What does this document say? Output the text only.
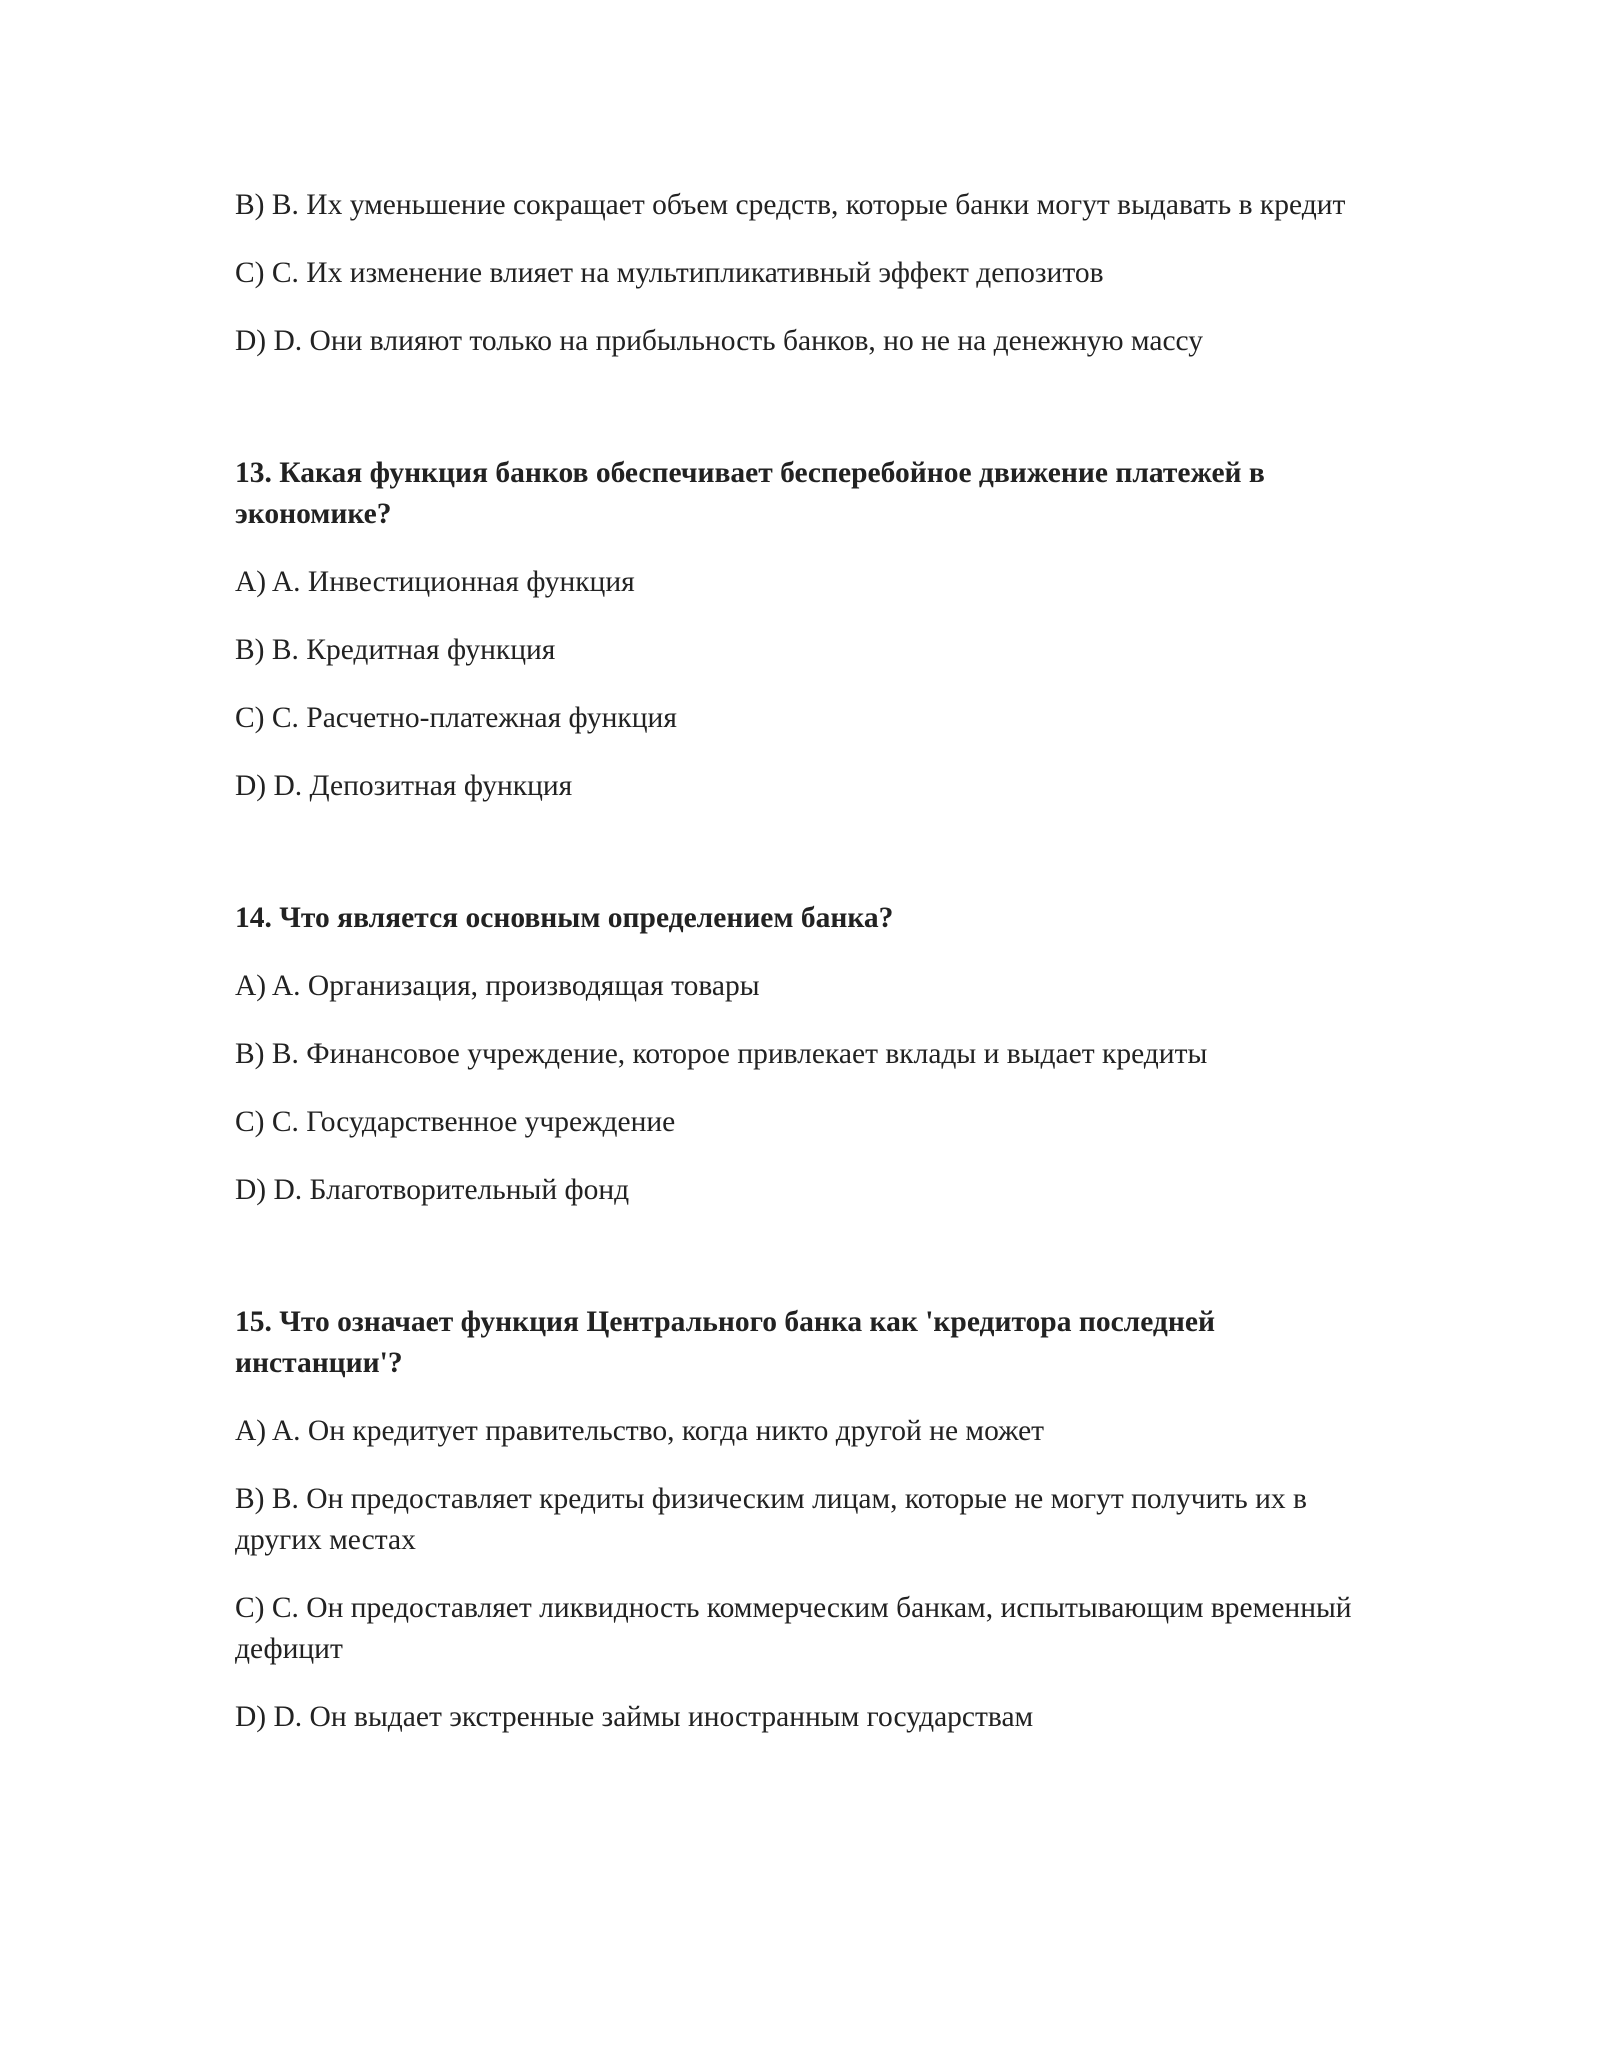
B) B. Их уменьшение сокращает объем средств, которые банки могут выдавать в кредит
C) C. Их изменение влияет на мультипликативный эффект депозитов
D) D. Они влияют только на прибыльность банков, но не на денежную массу
13. Какая функция банков обеспечивает бесперебойное движение платежей в экономике?
A) A. Инвестиционная функция
B) B. Кредитная функция
C) C. Расчетно-платежная функция
D) D. Депозитная функция
14. Что является основным определением банка?
A) A. Организация, производящая товары
B) B. Финансовое учреждение, которое привлекает вклады и выдает кредиты
C) C. Государственное учреждение
D) D. Благотворительный фонд
15. Что означает функция Центрального банка как 'кредитора последней инстанции'?
A) A. Он кредитует правительство, когда никто другой не может
B) B. Он предоставляет кредиты физическим лицам, которые не могут получить их в других местах
C) C. Он предоставляет ликвидность коммерческим банкам, испытывающим временный дефицит
D) D. Он выдает экстренные займы иностранным государствам
